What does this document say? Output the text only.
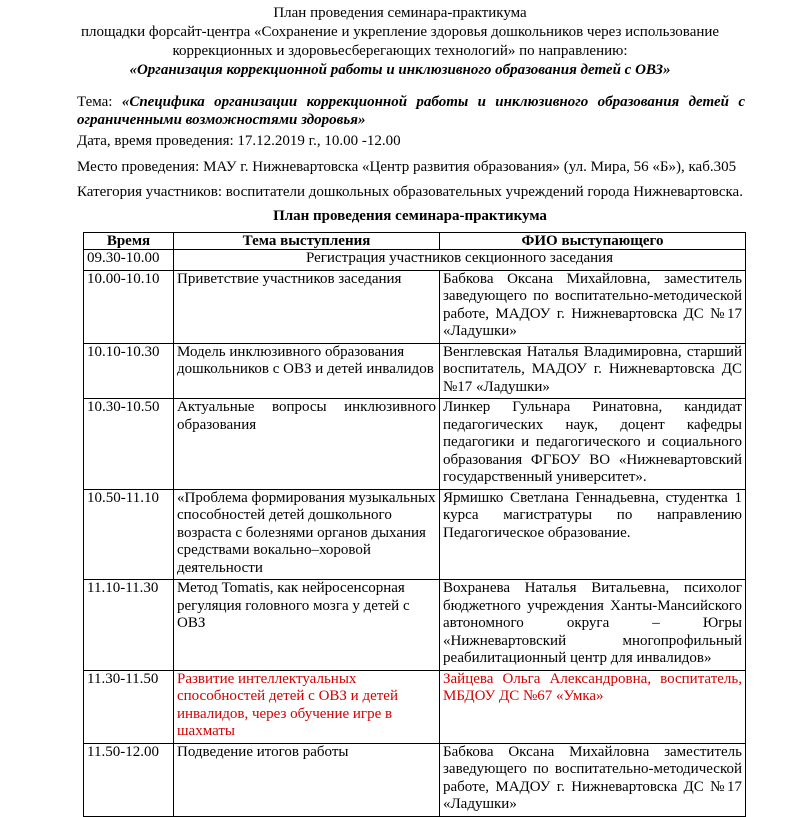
План проведения семинара-практикума
площадки форсайт-центра «Сохранение и укрепление здоровья дошкольников через использование
коррекционных и здоровьесберегающих технологий» по направлению:
«Организация коррекционной работы и инклюзивного образования детей с ОВЗ»
Тема: «Специфика организации коррекционной работы и инклюзивного образования детей с ограниченными возможностями здоровья»
Дата, время проведения: 17.12.2019 г., 10.00 -12.00
Место проведения: МАУ г. Нижневартовска «Центр развития образования» (ул. Мира, 56 «Б»), каб.305
Категория участников: воспитатели дошкольных образовательных учреждений города Нижневартовска.
План проведения семинара-практикума
Время	Тема выступления	ФИО выступающего
09.30-10.00	Регистрация участников секционного заседания	
10.00-10.10	Приветствие участников заседания	Бабкова Оксана Михайловна, заместитель заведующего по воспитательно-методической работе, МАДОУ г. Нижневартовска ДС №17 «Ладушки»
10.10-10.30	Модель инклюзивного образования дошкольников с ОВЗ и детей инвалидов	Венглевская Наталья Владимировна, старший воспитатель, МАДОУ г. Нижневартовска ДС №17 «Ладушки»
10.30-10.50	Актуальные вопросы инклюзивного образования	Линкер Гульнара Ринатовна, кандидат педагогических наук, доцент кафедры педагогики и педагогического и социального образования ФГБОУ ВО «Нижневартовский государственный университет».
10.50-11.10	«Проблема формирования музыкальных способностей детей дошкольного возраста с болезнями органов дыхания средствами вокально–хоровой деятельности	Ярмишко Светлана Геннадьевна, студентка 1 курса магистратуры по направлению Педагогическое образование.
11.10-11.30	Метод Tomatis, как нейросенсорная регуляция головного мозга у детей с ОВЗ	Вохранева Наталья Витальевна, психолог бюджетного учреждения Ханты-Мансийского автономного округа – Югры «Нижневартовский многопрофильный реабилитационный центр для инвалидов»
11.30-11.50	Развитие интеллектуальных способностей детей с ОВЗ и детей инвалидов, через обучение игре в шахматы	Зайцева Ольга Александровна, воспитатель, МБДОУ ДС №67 «Умка»
11.50-12.00	Подведение итогов работы	Бабкова Оксана Михайловна заместитель заведующего по воспитательно-методической работе, МАДОУ г. Нижневартовска ДС №17 «Ладушки»
